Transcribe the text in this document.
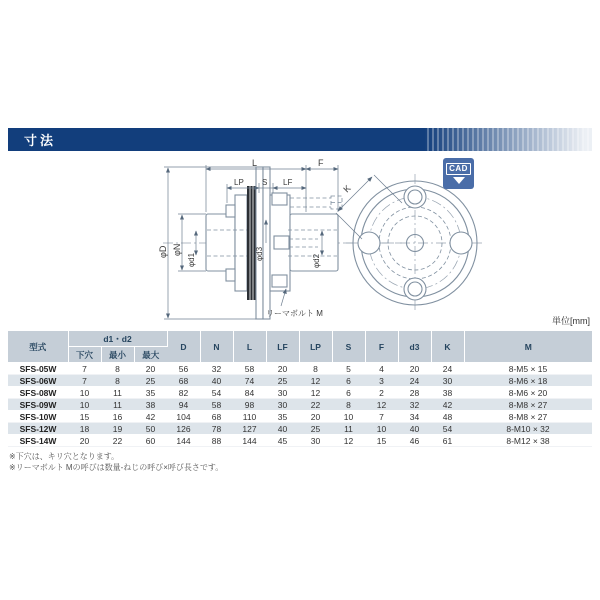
寸法
L	F
LP S LF
φD φN
φd1	φd2
φd3
リーマボルト M
K
CAD
単位[mm]
型式	d1・d2			D	N	L	LF	LP	S	F	d3	K	M
	下穴	最小	最大										
SFS-05W	7	8	20	56	32	58	20	8	5	4	20	24	8-M5 × 15
SFS-06W	7	8	25	68	40	74	25	12	6	3	24	30	8-M6 × 18
SFS-08W	10	11	35	82	54	84	30	12	6	2	28	38	8-M6 × 20
SFS-09W	10	11	38	94	58	98	30	22	8	12	32	42	8-M8 × 27
SFS-10W	15	16	42	104	68	110	35	20	10	7	34	48	8-M8 × 27
SFS-12W	18	19	50	126	78	127	40	25	11	10	40	54	8-M10 × 32
SFS-14W	20	22	60	144	88	144	45	30	12	15	46	61	8-M12 × 38

※下穴は、キリ穴となります。

※リーマボルト Mの呼びは数量-ねじの呼び×呼び長さです。
